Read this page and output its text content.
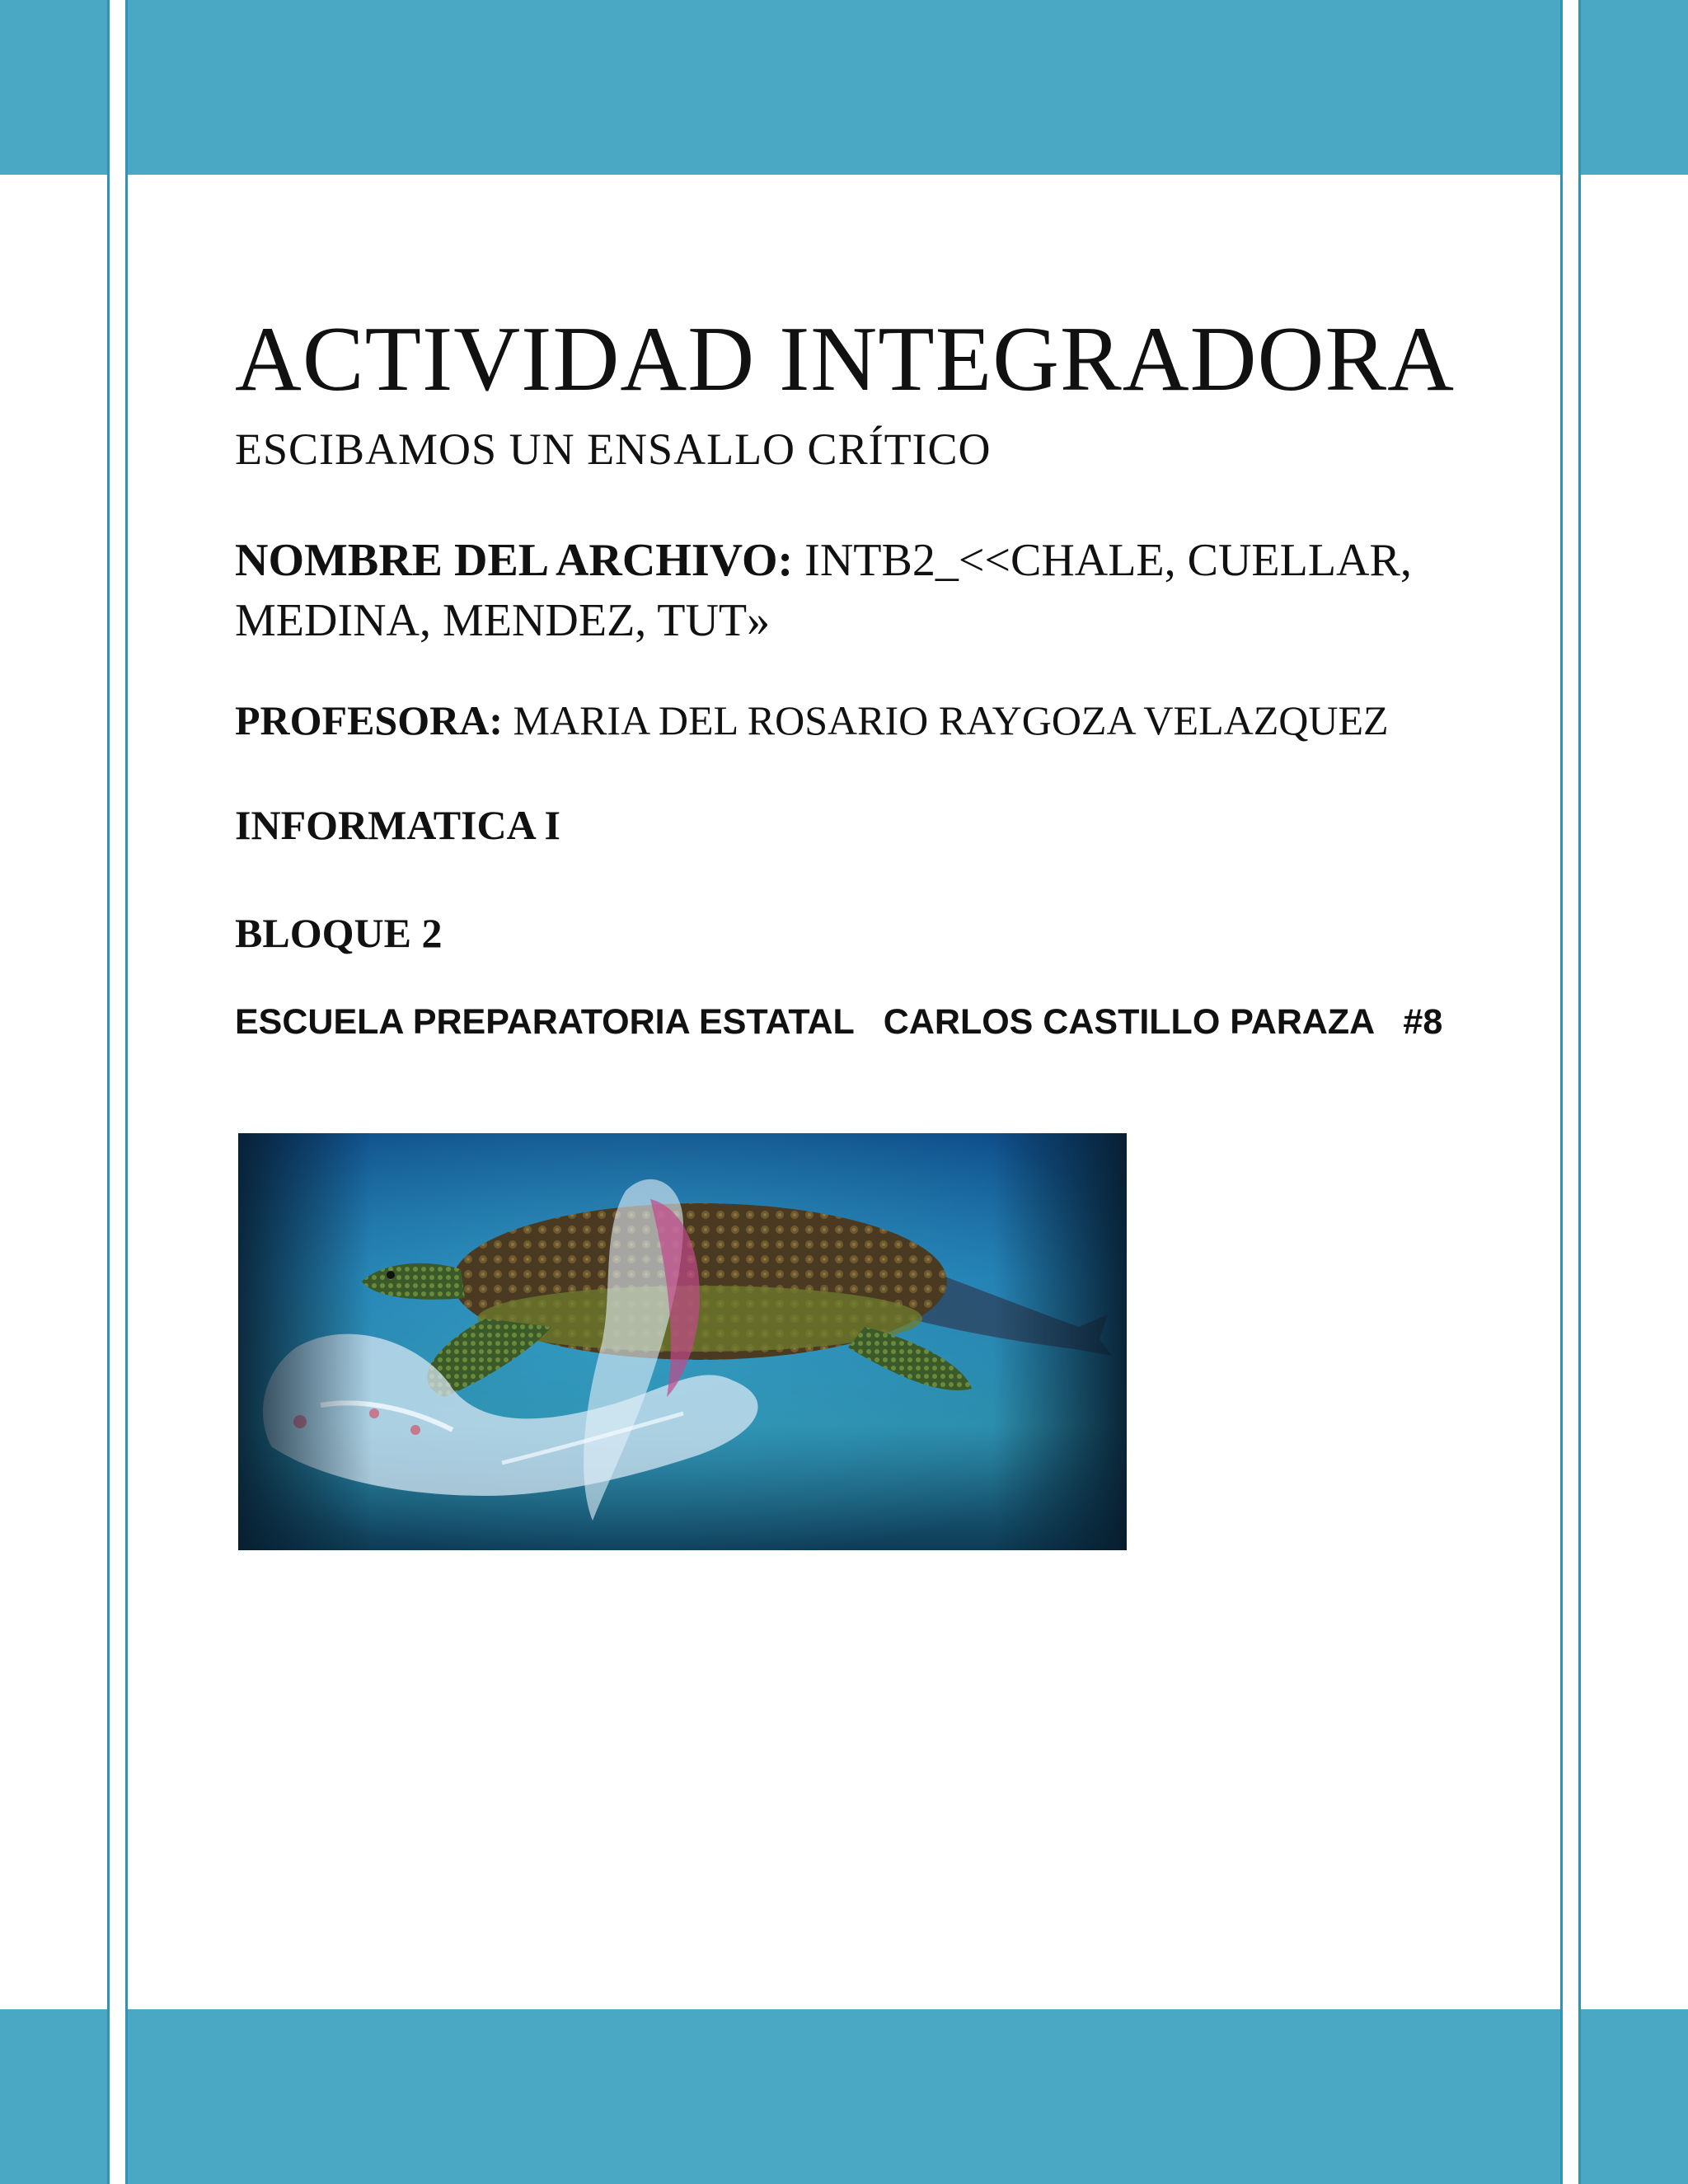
ACTIVIDAD INTEGRADORA
ESCIBAMOS UN ENSALLO CRÍTICO
NOMBRE DEL ARCHIVO: INTB2_<<CHALE, CUELLAR, MEDINA, MENDEZ, TUT»
PROFESORA: MARIA DEL ROSARIO RAYGOZA VELAZQUEZ
INFORMATICA I
BLOQUE 2
ESCUELA PREPARATORIA ESTATAL   CARLOS CASTILLO PARAZA   #8
